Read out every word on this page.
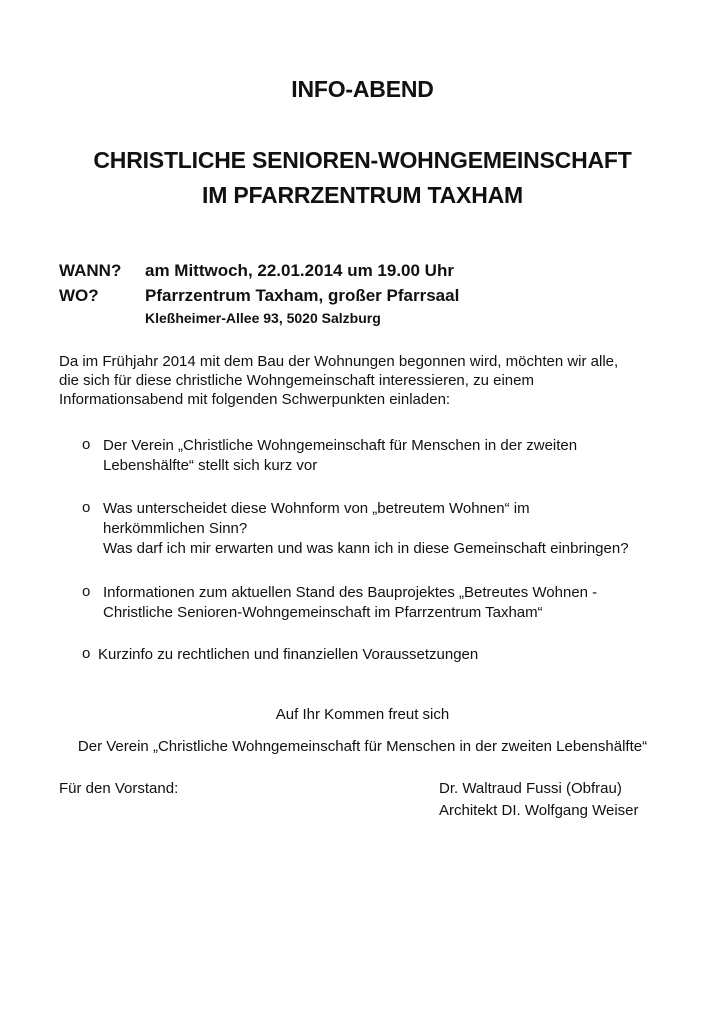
INFO-ABEND
CHRISTLICHE SENIOREN-WOHNGEMEINSCHAFT
IM PFARRZENTRUM TAXHAM
WANN? am Mittwoch, 22.01.2014 um 19.00 Uhr
WO?	Pfarrzentrum Taxham, großer Pfarrsaal
Kleßheimer-Allee 93, 5020 Salzburg
Da im Frühjahr 2014 mit dem Bau der Wohnungen begonnen wird, möchten wir alle,
die sich für diese christliche Wohngemeinschaft interessieren, zu einem
Informationsabend mit folgenden Schwerpunkten einladen:
o Der Verein „Christliche Wohngemeinschaft für Menschen in der zweiten
Lebenshälfte“ stellt sich kurz vor
o Was unterscheidet diese Wohnform von „betreutem Wohnen“ im
herkömmlichen Sinn?
Was darf ich mir erwarten und was kann ich in diese Gemeinschaft einbringen?
o Informationen zum aktuellen Stand des Bauprojektes „Betreutes Wohnen -
Christliche Senioren-Wohngemeinschaft im Pfarrzentrum Taxham“
o Kurzinfo zu rechtlichen und finanziellen Voraussetzungen
Auf Ihr Kommen freut sich
Der Verein „Christliche Wohngemeinschaft für Menschen in der zweiten Lebenshälfte“
Für den Vorstand:	Dr. Waltraud Fussi (Obfrau)
Architekt DI. Wolfgang Weiser
